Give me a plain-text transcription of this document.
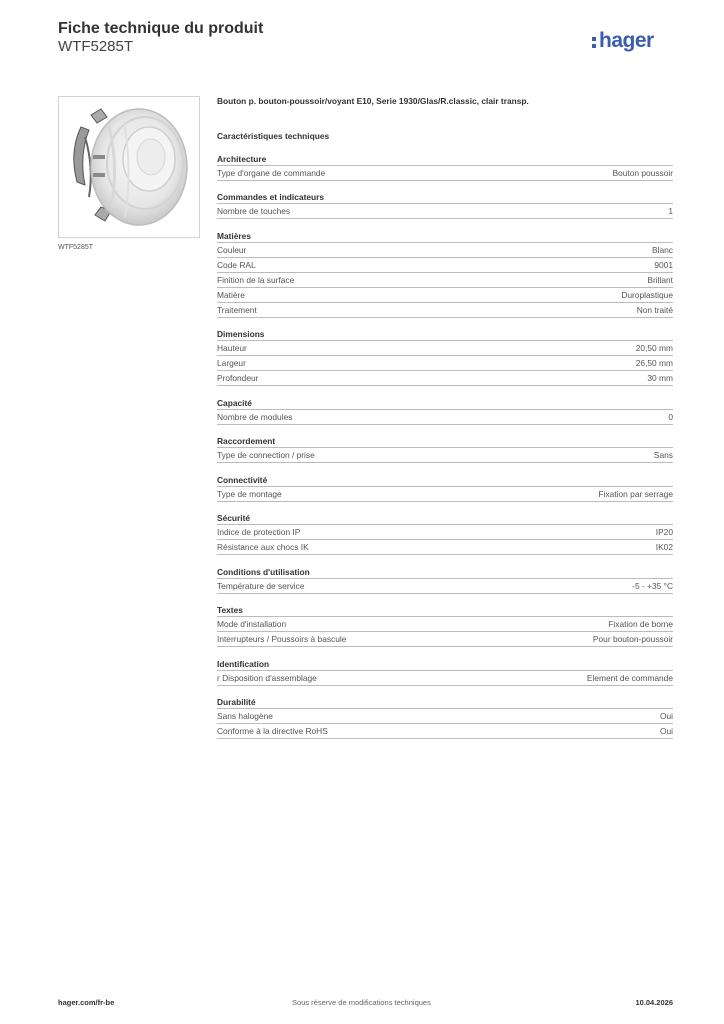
Fiche technique du produit
WTF5285T	hager
WTF5285T
Bouton p. bouton-poussoir/voyant E10, Serie 1930/Glas/R.classic, clair transp.
Caractéristiques techniques
Architecture
Type d'organe de commande	Bouton poussoir
Commandes et indicateurs
Nombre de touches	1
Matières
Couleur	Blanc
Code RAL	9001
Finition de la surface	Brillant
Matière	Duroplastique
Traitement	Non traité
Dimensions
Hauteur	20,50 mm
Largeur	26,50 mm
Profondeur	30 mm
Capacité
Nombre de modules	0
Raccordement
Type de connection / prise	Sans
Connectivité
Type de montage	Fixation par serrage
Sécurité
Indice de protection IP	IP20
Résistance aux chocs IK	IK02
Conditions d'utilisation
Température de service	-5 - +35 °C
Textes
Mode d'installation	Fixation de borne
Interrupteurs / Poussoirs à bascule	Pour bouton-poussoir
Identification
r Disposition d'assemblage	Element de commande
Durabilité
Sans halogène	Oui
Conforme à la directive RoHS	Oui
hager.com/fr-be	Sous réserve de modifications techniques	10.04.2026
